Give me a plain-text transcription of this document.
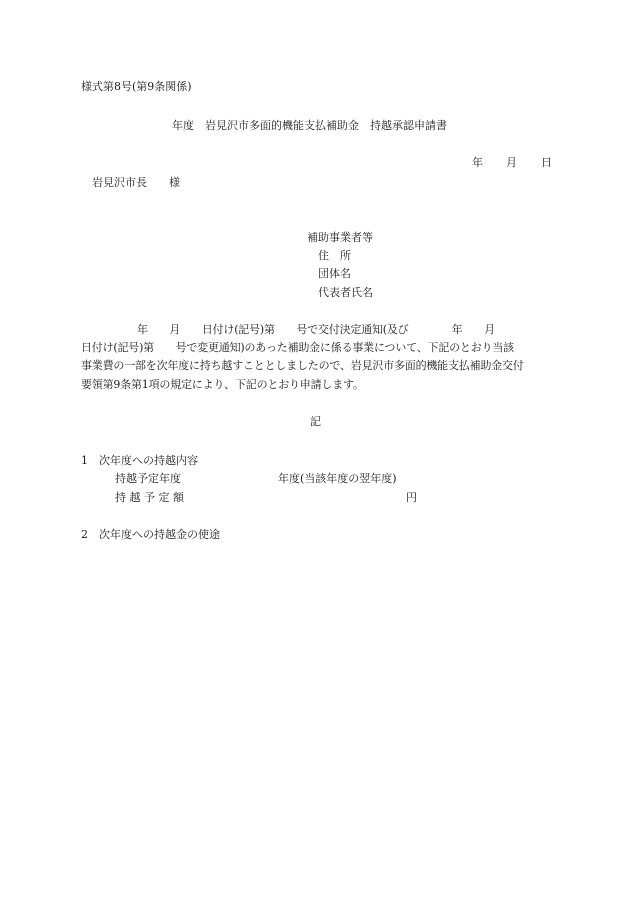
様式第8号(第9条関係)

年度　岩見沢市多面的機能支払補助金　持越承認申請書

年 月 日

岩見沢市長　　様

補助事業者等

住　所

団体名

代表者氏名

年　　月　　日付け(記号)第　　号で交付決定通知(及び　　　　年　　月

日付け(記号)第　　号で変更通知)のあった補助金に係る事業について、下記のとおり当該

事業費の一部を次年度に持ち越すこととしましたので、岩見沢市多面的機能支払補助金交付

要領第9条第1項の規定により、下記のとおり申請します。

記

1　次年度への持越内容

持越予定年度	年度(当該年度の翌年度)

持 越 予 定 額	円

2　次年度への持越金の使途
